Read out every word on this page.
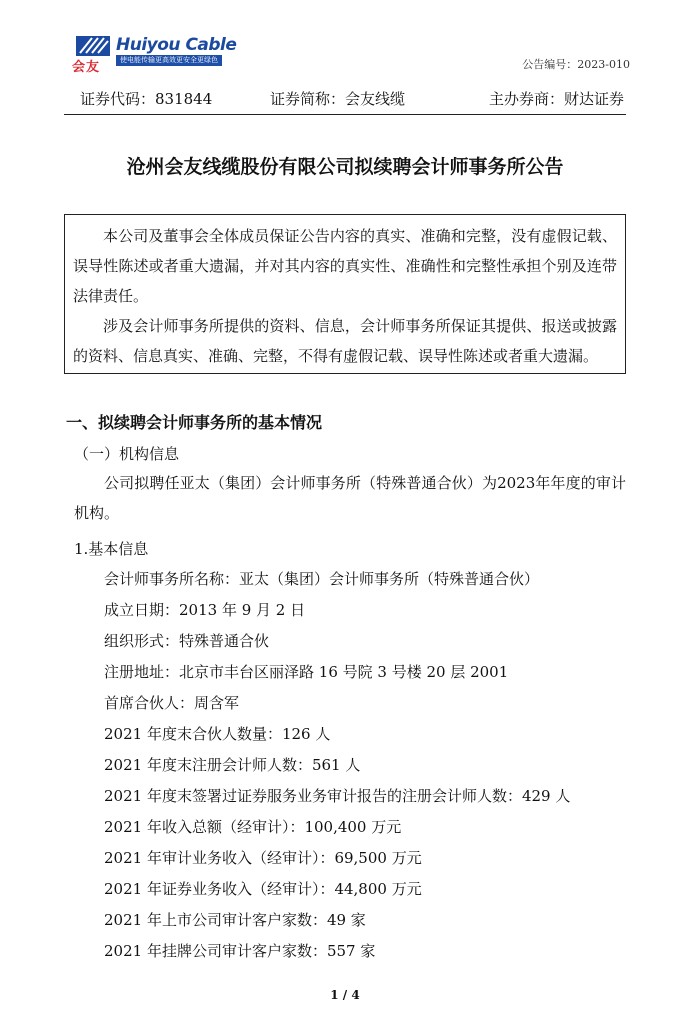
会友
Huiyou Cable
使电能传输更高效更安全更绿色	公告编号：2023-010
证券代码：831844	证券简称：会友线缆	主办券商：财达证券
沧州会友线缆股份有限公司拟续聘会计师事务所公告

本公司及董事会全体成员保证公告内容的真实、准确和完整，没有虚假记载、误导性陈述或者重大遗漏，并对其内容的真实性、准确性和完整性承担个别及连带法律责任。

涉及会计师事务所提供的资料、信息，会计师事务所保证其提供、报送或披露的资料、信息真实、准确、完整，不得有虚假记载、误导性陈述或者重大遗漏。

一、拟续聘会计师事务所的基本情况
（一）机构信息
公司拟聘任亚太（集团）会计师事务所（特殊普通合伙）为2023年年度的审计机构。
1.基本信息
会计师事务所名称：亚太（集团）会计师事务所（特殊普通合伙）
成立日期：2013 年 9 月 2 日
组织形式：特殊普通合伙
注册地址：北京市丰台区丽泽路 16 号院 3 号楼 20 层 2001
首席合伙人：周含军
2021 年度末合伙人数量：126 人
2021 年度末注册会计师人数：561 人
2021 年度末签署过证券服务业务审计报告的注册会计师人数：429 人
2021 年收入总额（经审计）：100,400 万元
2021 年审计业务收入（经审计）：69,500 万元
2021 年证券业务收入（经审计）：44,800 万元
2021 年上市公司审计客户家数：49 家
2021 年挂牌公司审计客户家数：557 家
1 / 4
